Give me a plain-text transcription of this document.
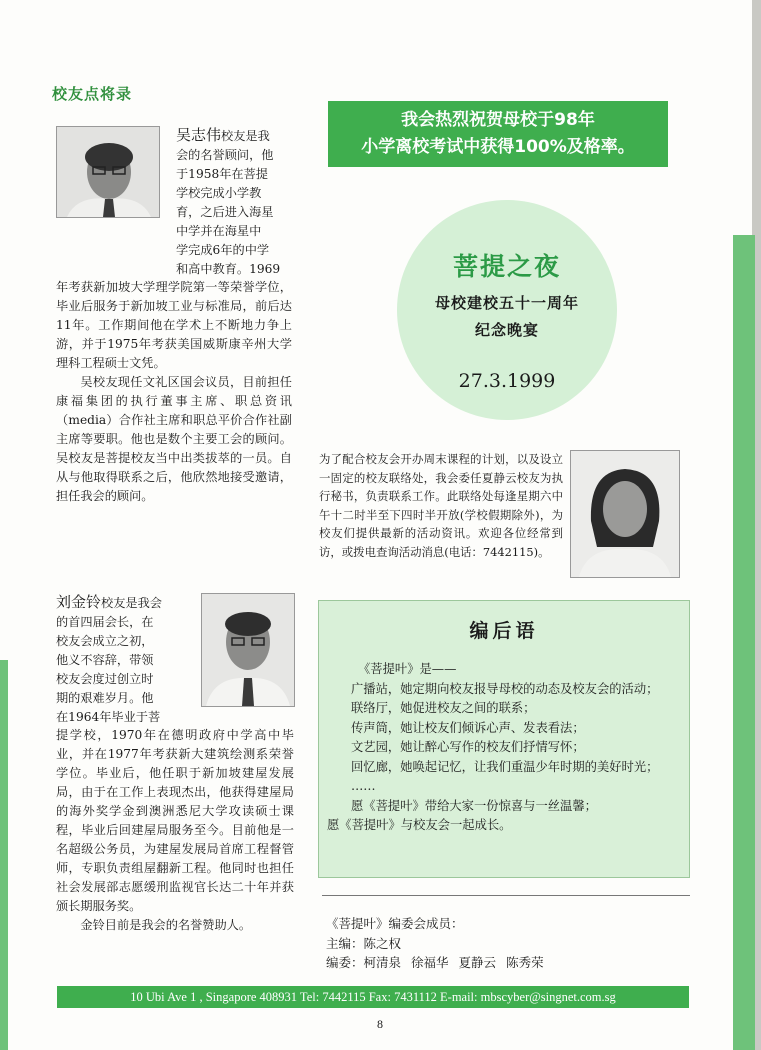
校友点将录

吴志伟校友是我

会的名誉顾问，他

于1958年在菩提

学校完成小学教

育，之后进入海星

中学并在海星中

学完成6年的中学

和高中教育。1969

年考获新加坡大学理学院第一等荣誉学位，毕业后服务于新加坡工业与标准局，前后达11年。工作期间他在学术上不断地力争上游，并于1975年考获美国威斯康辛州大学理科工程硕士文凭。

吴校友现任文礼区国会议员，目前担任康福集团的执行董事主席、职总资讯（media）合作社主席和职总平价合作社副主席等要职。他也是数个主要工会的顾问。吴校友是菩提校友当中出类拔萃的一员。自从与他取得联系之后，他欣然地接受邀请，担任我会的顾问。

刘金铃校友是我会

的首四届会长，在

校友会成立之初，

他义不容辞，带领

校友会度过创立时

期的艰难岁月。他

在1964年毕业于菩

提学校，1970年在德明政府中学高中毕业，并在1977年考获新大建筑绘测系荣誉学位。毕业后，他任职于新加坡建屋发展局，由于在工作上表现杰出，他获得建屋局的海外奖学金到澳洲悉尼大学攻读硕士课程，毕业后回建屋局服务至今。目前他是一名超级公务员，为建屋发展局首席工程督管师，专职负责组屋翻新工程。他同时也担任社会发展部志愿缓刑监视官长达二十年并获颁长期服务奖。

金铃目前是我会的名誉赞助人。

我会热烈祝贺母校于98年
小学离校考试中获得100%及格率。
菩提之夜
母校建校五十一周年
纪念晚宴
27.3.1999
为了配合校友会开办周末课程的计划，以及设立一固定的校友联络处，我会委任夏静云校友为执行秘书，负责联系工作。此联络处每逢星期六中午十二时半至下四时半开放(学校假期除外)，为校友们提供最新的活动资讯。欢迎各位经常到访，或拨电查询活动消息(电话：7442115)。
编后语

《菩提叶》是——

广播站，她定期向校友报导母校的动态及校友会的活动；

联络厅，她促进校友之间的联系；

传声筒，她让校友们倾诉心声、发表看法；

文艺园，她让醉心写作的校友们抒情写怀；

回忆廊，她唤起记忆，让我们重温少年时期的美好时光；

……

愿《菩提叶》带给大家一份惊喜与一丝温馨；

愿《菩提叶》与校友会一起成长。

《菩提叶》编委会成员：

主编：陈之权

编委：柯清泉 徐福华 夏静云 陈秀荣

10 Ubi Ave 1 , Singapore 408931 Tel: 7442115 Fax: 7431112 E-mail: mbscyber@singnet.com.sg
8
